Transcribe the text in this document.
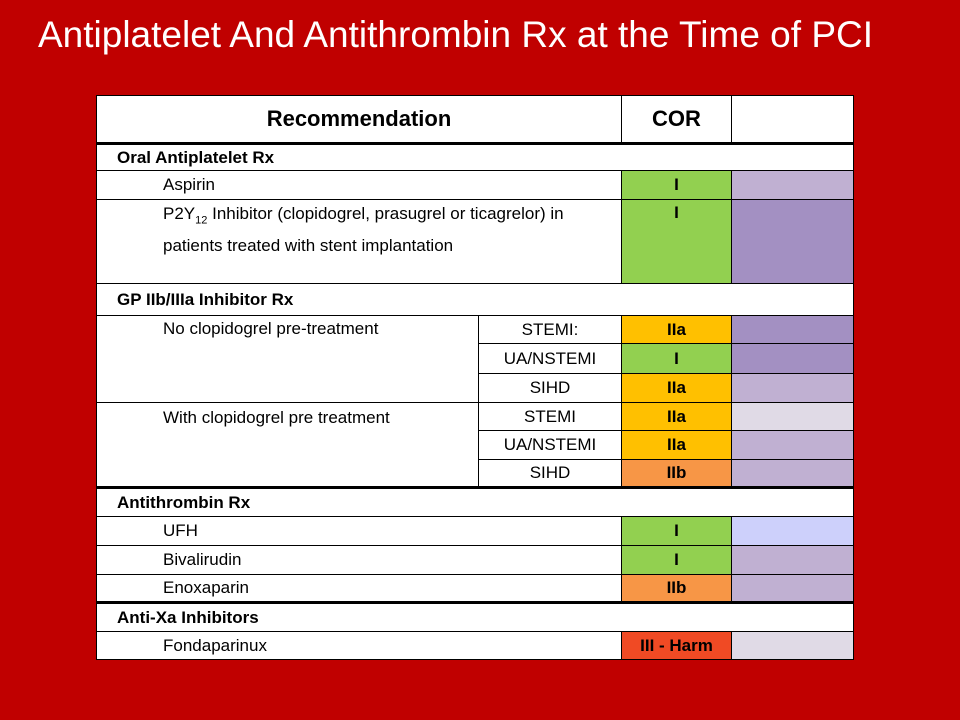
Antiplatelet And Antithrombin Rx at the Time of PCI
Recommendation		COR	
Oral Antiplatelet Rx			
Aspirin		I	
$P2Y_{12}$ Inhibitor (clopidogrel, prasugrel or ticagrelor) in patients treated with stent implantation		I	
GP IIb/IIIa Inhibitor Rx			
No clopidogrel pre-treatment	STEMI:	IIa	
	UA/NSTEMI	I	
	SIHD	IIa	
With clopidogrel pre treatment	STEMI	IIa	
	UA/NSTEMI	IIa	
	SIHD	IIb	
Antithrombin Rx			
UFH		I	
Bivalirudin		I	
Enoxaparin		IIb	
Anti-Xa Inhibitors			
Fondaparinux		III - Harm	
